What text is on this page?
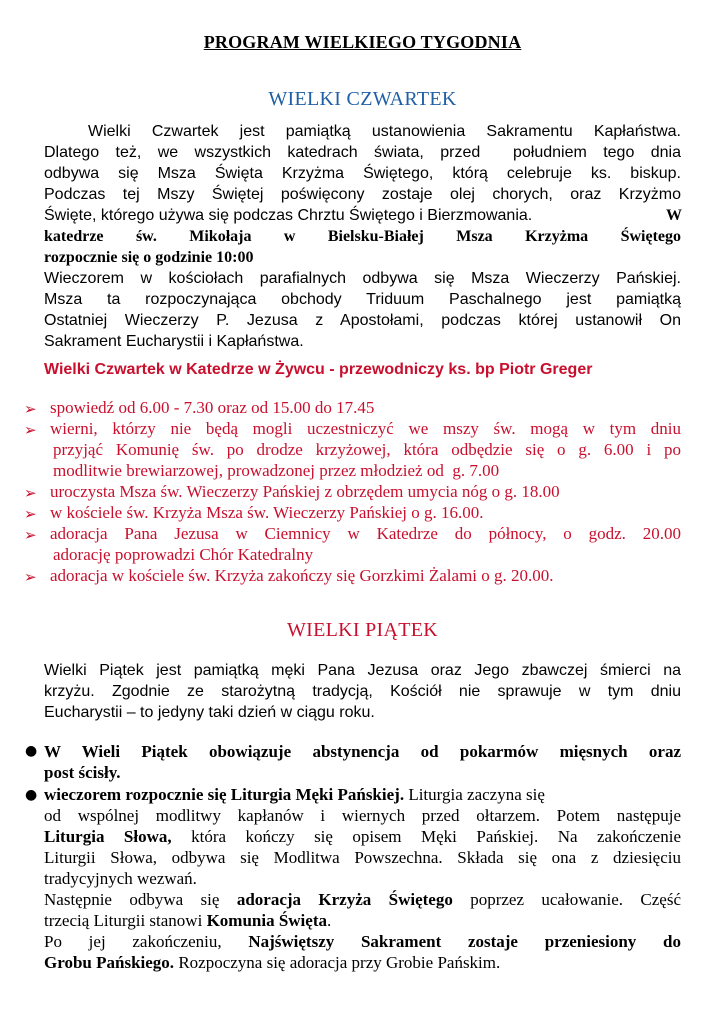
PROGRAM WIELKIEGO TYGODNIA
WIELKI CZWARTEK
Wielki Czwartek jest pamiątką ustanowienia Sakramentu Kapłaństwa.
Dlatego też, we wszystkich katedrach świata, przed  południem tego dnia
odbywa się Msza Święta Krzyżma Świętego, którą celebruje ks. biskup.
Podczas tej Mszy Świętej poświęcony zostaje olej chorych, oraz Krzyżmo
Święte, którego używa się podczas Chrztu Świętego i Bierzmowania.	W
katedrze św. Mikołaja w Bielsku-Białej Msza Krzyżma Świętego
rozpocznie się o godzinie 10:00
Wieczorem w kościołach parafialnych odbywa się Msza Wieczerzy Pańskiej.
Msza ta rozpoczynająca obchody Triduum Paschalnego jest pamiątką
Ostatniej Wieczerzy P. Jezusa z Apostołami, podczas której ustanowił On
Sakrament Eucharystii i Kapłaństwa.
Wielki Czwartek w Katedrze w Żywcu - przewodniczy ks. bp Piotr Greger
➢ spowiedź od 6.00 - 7.30 oraz od 15.00 do 17.45
➢ wierni, którzy nie będą mogli uczestniczyć we mszy św. mogą w tym dniu
przyjąć Komunię św. po drodze krzyżowej, która odbędzie się o g. 6.00 i po
modlitwie brewiarzowej, prowadzonej przez młodzież od  g. 7.00
➢ uroczysta Msza św. Wieczerzy Pańskiej z obrzędem umycia nóg o g. 18.00
➢ w kościele św. Krzyża Msza św. Wieczerzy Pańskiej o g. 16.00.
➢ adoracja Pana Jezusa w Ciemnicy w Katedrze do północy, o godz. 20.00
adorację poprowadzi Chór Katedralny
➢ adoracja w kościele św. Krzyża zakończy się Gorzkimi Żalami o g. 20.00.
WIELKI PIĄTEK
Wielki Piątek jest pamiątką męki Pana Jezusa oraz Jego zbawczej śmierci na
krzyżu. Zgodnie ze starożytną tradycją, Kościół nie sprawuje w tym dniu
Eucharystii – to jedyny taki dzień w ciągu roku.
● W Wieli Piątek obowiązuje abstynencja od pokarmów mięsnych oraz
post ścisły.
● wieczorem rozpocznie się Liturgia Męki Pańskiej. Liturgia zaczyna się
od wspólnej modlitwy kapłanów i wiernych przed ołtarzem. Potem następuje
Liturgia Słowa, która kończy się opisem Męki Pańskiej. Na zakończenie
Liturgii Słowa, odbywa się Modlitwa Powszechna. Składa się ona z dziesięciu
tradycyjnych wezwań.
Następnie odbywa się adoracja Krzyża Świętego poprzez ucałowanie. Część
trzecią Liturgii stanowi Komunia Święta.
Po jej zakończeniu, Najświętszy Sakrament zostaje przeniesiony do
Grobu Pańskiego. Rozpoczyna się adoracja przy Grobie Pańskim.
